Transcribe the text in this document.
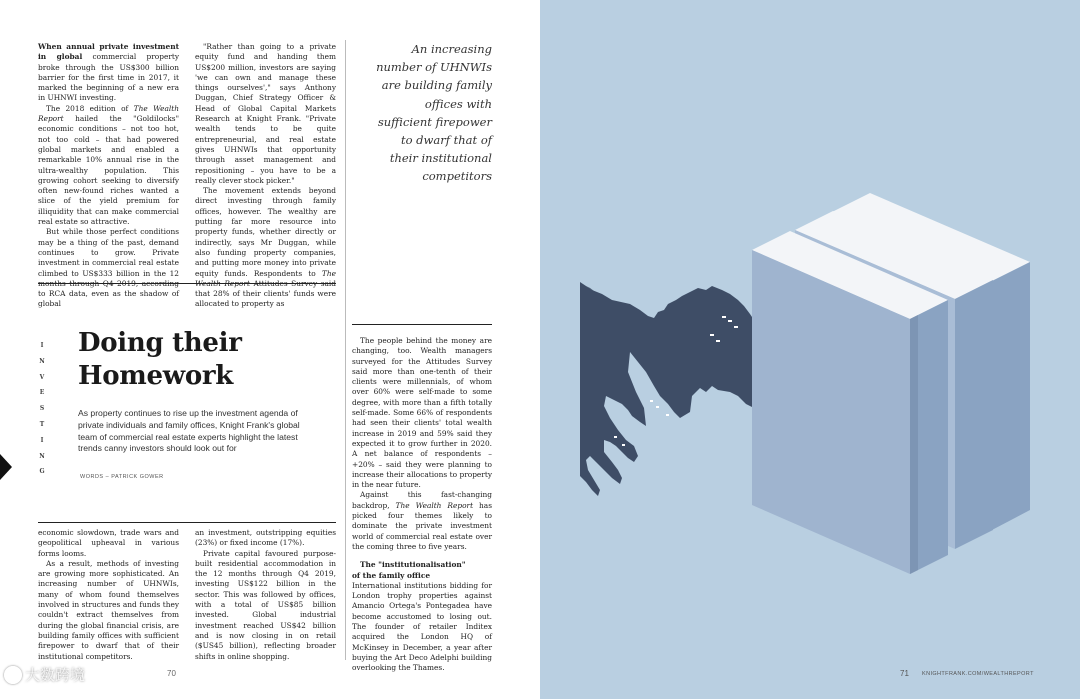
When annual private investment in global commercial property broke through the US$300 billion barrier for the first time in 2017, it marked the beginning of a new era in UHNWI investing.

The 2018 edition of The Wealth Report hailed the "Goldilocks" economic conditions – not too hot, not too cold – that had powered global markets and enabled a remarkable 10% annual rise in the ultra-wealthy population. This growing cohort seeking to diversify often new-found riches wanted a slice of the yield premium for illiquidity that can make commercial real estate so attractive.

But while those perfect conditions may be a thing of the past, demand continues to grow. Private investment in commercial real estate climbed to US$333 billion in the 12 months through Q4 2019, according to RCA data, even as the shadow of global

"Rather than going to a private equity fund and handing them US$200 million, investors are saying 'we can own and manage these things ourselves'," says Anthony Duggan, Chief Strategy Officer & Head of Global Capital Markets Research at Knight Frank. "Private wealth tends to be quite entrepreneurial, and real estate gives UHNWIs that opportunity through asset management and repositioning – you have to be a really clever stock picker."

The movement extends beyond direct investing through family offices, however. The wealthy are putting far more resource into property funds, whether directly or indirectly, says Mr Duggan, while also funding property companies, and putting more money into private equity funds. Respondents to The Wealth Report Attitudes Survey said that 28% of their clients' funds were allocated to property as

An increasing number of UHNWIs are building family offices with sufficient firepower to dwarf that of their institutional competitors
I
N
V
E
S
T
I
N
G
Doing their
Homework
As property continues to rise up the investment agenda of private individuals and family offices, Knight Frank's global team of commercial real estate experts highlight the latest trends canny investors should look out for
WORDS – PATRICK GOWER

The people behind the money are changing, too. Wealth managers surveyed for the Attitudes Survey said more than one-tenth of their clients were millennials, of whom over 60% were self-made to some degree, with more than a fifth totally self-made. Some 66% of respondents had seen their clients' total wealth increase in 2019 and 59% said they expected it to grow further in 2020. A net balance of respondents – +20% – said they were planning to increase their allocations to property in the near future.

Against this fast-changing backdrop, The Wealth Report has picked four themes likely to dominate the private investment world of commercial real estate over the coming three to five years.

The "institutionalisation"
of the family office

International institutions bidding for London trophy properties against Amancio Ortega's Pontegadea have become accustomed to losing out. The founder of retailer Inditex acquired the London HQ of McKinsey in December, a year after buying the Art Deco Adelphi building overlooking the Thames.

economic slowdown, trade wars and geopolitical upheaval in various forms looms.

As a result, methods of investing are growing more sophisticated. An increasing number of UHNWIs, many of whom found themselves involved in structures and funds they couldn't extract themselves from during the global financial crisis, are building family offices with sufficient firepower to dwarf that of their institutional competitors.

an investment, outstripping equities (23%) or fixed income (17%).

Private capital favoured purpose-built residential accommodation in the 12 months through Q4 2019, investing US$122 billion in the sector. This was followed by offices, with a total of US$85 billion invested. Global industrial investment reached US$42 billion and is now closing in on retail ($US45 billion), reflecting broader shifts in online shopping.

大数跨境	70	71 KNIGHTFRANK.COM/WEALTHREPORT
